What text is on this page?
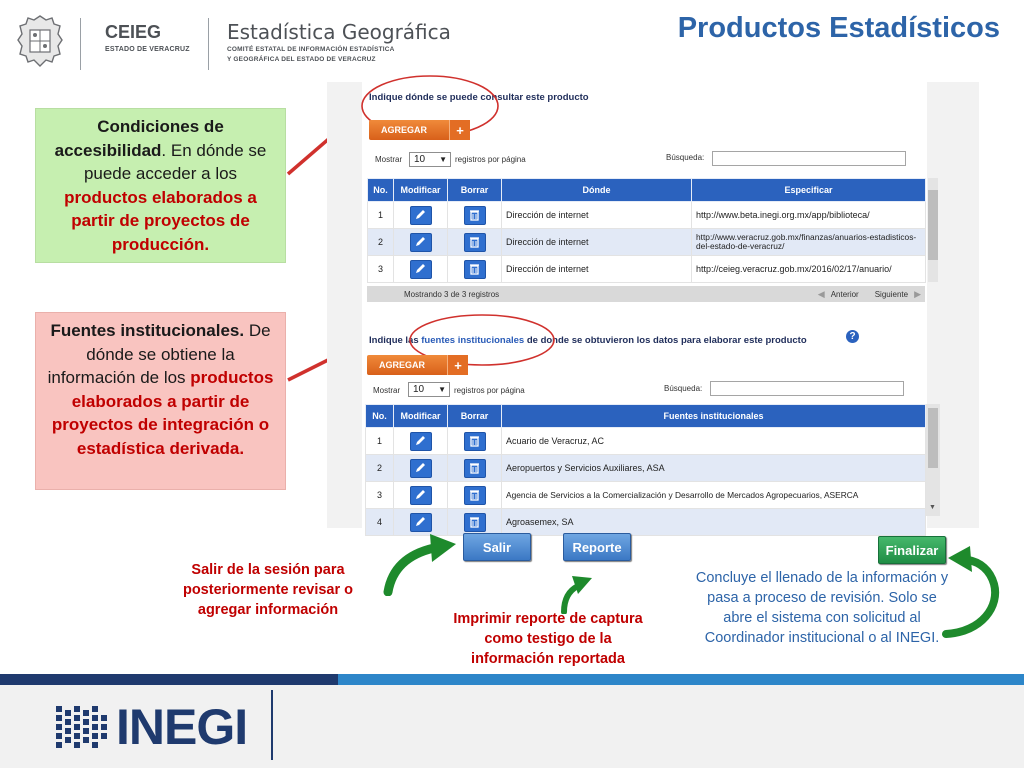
CEIEG
ESTADO DE VERACRUZ
Estadística Geográfica
COMITÉ ESTATAL DE INFORMACIÓN ESTADÍSTICA
Y GEOGRÁFICA DEL ESTADO DE VERACRUZ
Productos Estadísticos
Condiciones de accesibilidad. En dónde se puede acceder a los productos elaborados a partir de proyectos de producción.
Fuentes institucionales. De dónde se obtiene la información de los productos elaborados a partir de proyectos de integración o estadística derivada.
Indique dónde se puede consultar este producto
AGREGAR	+
Mostrar	10 ▼ registros por página	Búsqueda:
No.	Modificar	Borrar	Dónde	Especificar
1			Dirección de internet	http://www.beta.inegi.org.mx/app/biblioteca/
2			Dirección de internet	http://www.veracruz.gob.mx/finanzas/anuarios-estadisticos-del-estado-de-veracruz/
3			Dirección de internet	http://ceieg.veracruz.gob.mx/2016/02/17/anuario/
Mostrando 3 de 3 registros	◀ Anterior Siguiente ▶
Indique las fuentes institucionales de donde se obtuvieron los datos para elaborar este producto	?
AGREGAR	+
Mostrar	10 ▼ registros por página	Búsqueda:
No.	Modificar	Borrar	Fuentes institucionales
1			Acuario de Veracruz, AC
2			Aeropuertos y Servicios Auxiliares, ASA
3			Agencia de Servicios a la Comercialización y Desarrollo de Mercados Agropecuarios, ASERCA
4			Agroasemex, SA
▼
Salir	Reporte	Finalizar
Salir de la sesión para posteriormente revisar o agregar información
Imprimir reporte de captura como testigo de la información reportada
Concluye el llenado de la información y pasa a proceso de revisión. Solo se abre el sistema con solicitud al Coordinador institucional o al INEGI.
INEGI
